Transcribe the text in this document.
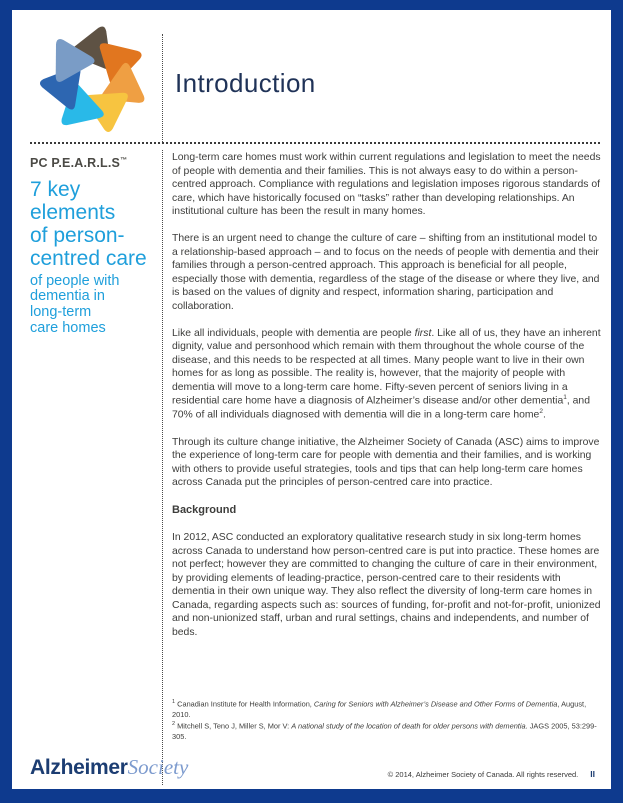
Introduction
PC P.E.A.R.L.S™
7 key
elements
of person-
centred care
of people with
dementia in
long-term
care homes

Long-term care homes must work within current regulations and legislation to meet the needs of people with dementia and their families. This is not always easy to do within a person-centred approach. Compliance with regulations and legislation imposes rigorous standards of care, which have historically focused on “tasks” rather than developing relationships. An institutional culture has been the result in many homes.

There is an urgent need to change the culture of care – shifting from an institutional model to a relationship-based approach – and to focus on the needs of people with dementia and their families through a person-centred approach. This approach is beneficial for all people, especially those with dementia, regardless of the stage of the disease or where they live, and is based on the values of dignity and respect, information sharing, participation and collaboration.

Like all individuals, people with dementia are people first. Like all of us, they have an inherent dignity, value and personhood which remain with them throughout the whole course of the disease, and this needs to be respected at all times. Many people want to live in their own homes for as long as possible. The reality is, however, that the majority of people with dementia will move to a long-term care home. Fifty-seven percent of seniors living in a residential care home have a diagnosis of Alzheimer’s disease and/or other dementia$^1$, and 70% of all individuals diagnosed with dementia will die in a long-term care home$^2$.

Through its culture change initiative, the Alzheimer Society of Canada (ASC) aims to improve the experience of long-term care for people with dementia and their families, and is working with others to provide useful strategies, tools and tips that can help long-term care homes across Canada put the principles of person-centred care into practice.

Background

In 2012, ASC conducted an exploratory qualitative research study in six long-term homes across Canada to understand how person-centred care is put into practice. These homes are not perfect; however they are committed to changing the culture of care in their environment, by providing elements of leading-practice, person-centred care to their residents with dementia in their own unique way. They also reflect the diversity of long-term care homes in Canada, regarding aspects such as: sources of funding, for-profit and not-for-profit, unionized and non-unionized staff, urban and rural settings, chains and independents, and number of beds.

$^1$ Canadian Institute for Health Information, Caring for Seniors with Alzheimer’s Disease and Other Forms of Dementia, August, 2010.

$^2$ Mitchell S, Teno J, Miller S, Mor V: A national study of the location of death for older persons with dementia. JAGS 2005, 53:299-305.

AlzheimerSociety	© 2014, Alzheimer Society of Canada. All rights reserved. II
